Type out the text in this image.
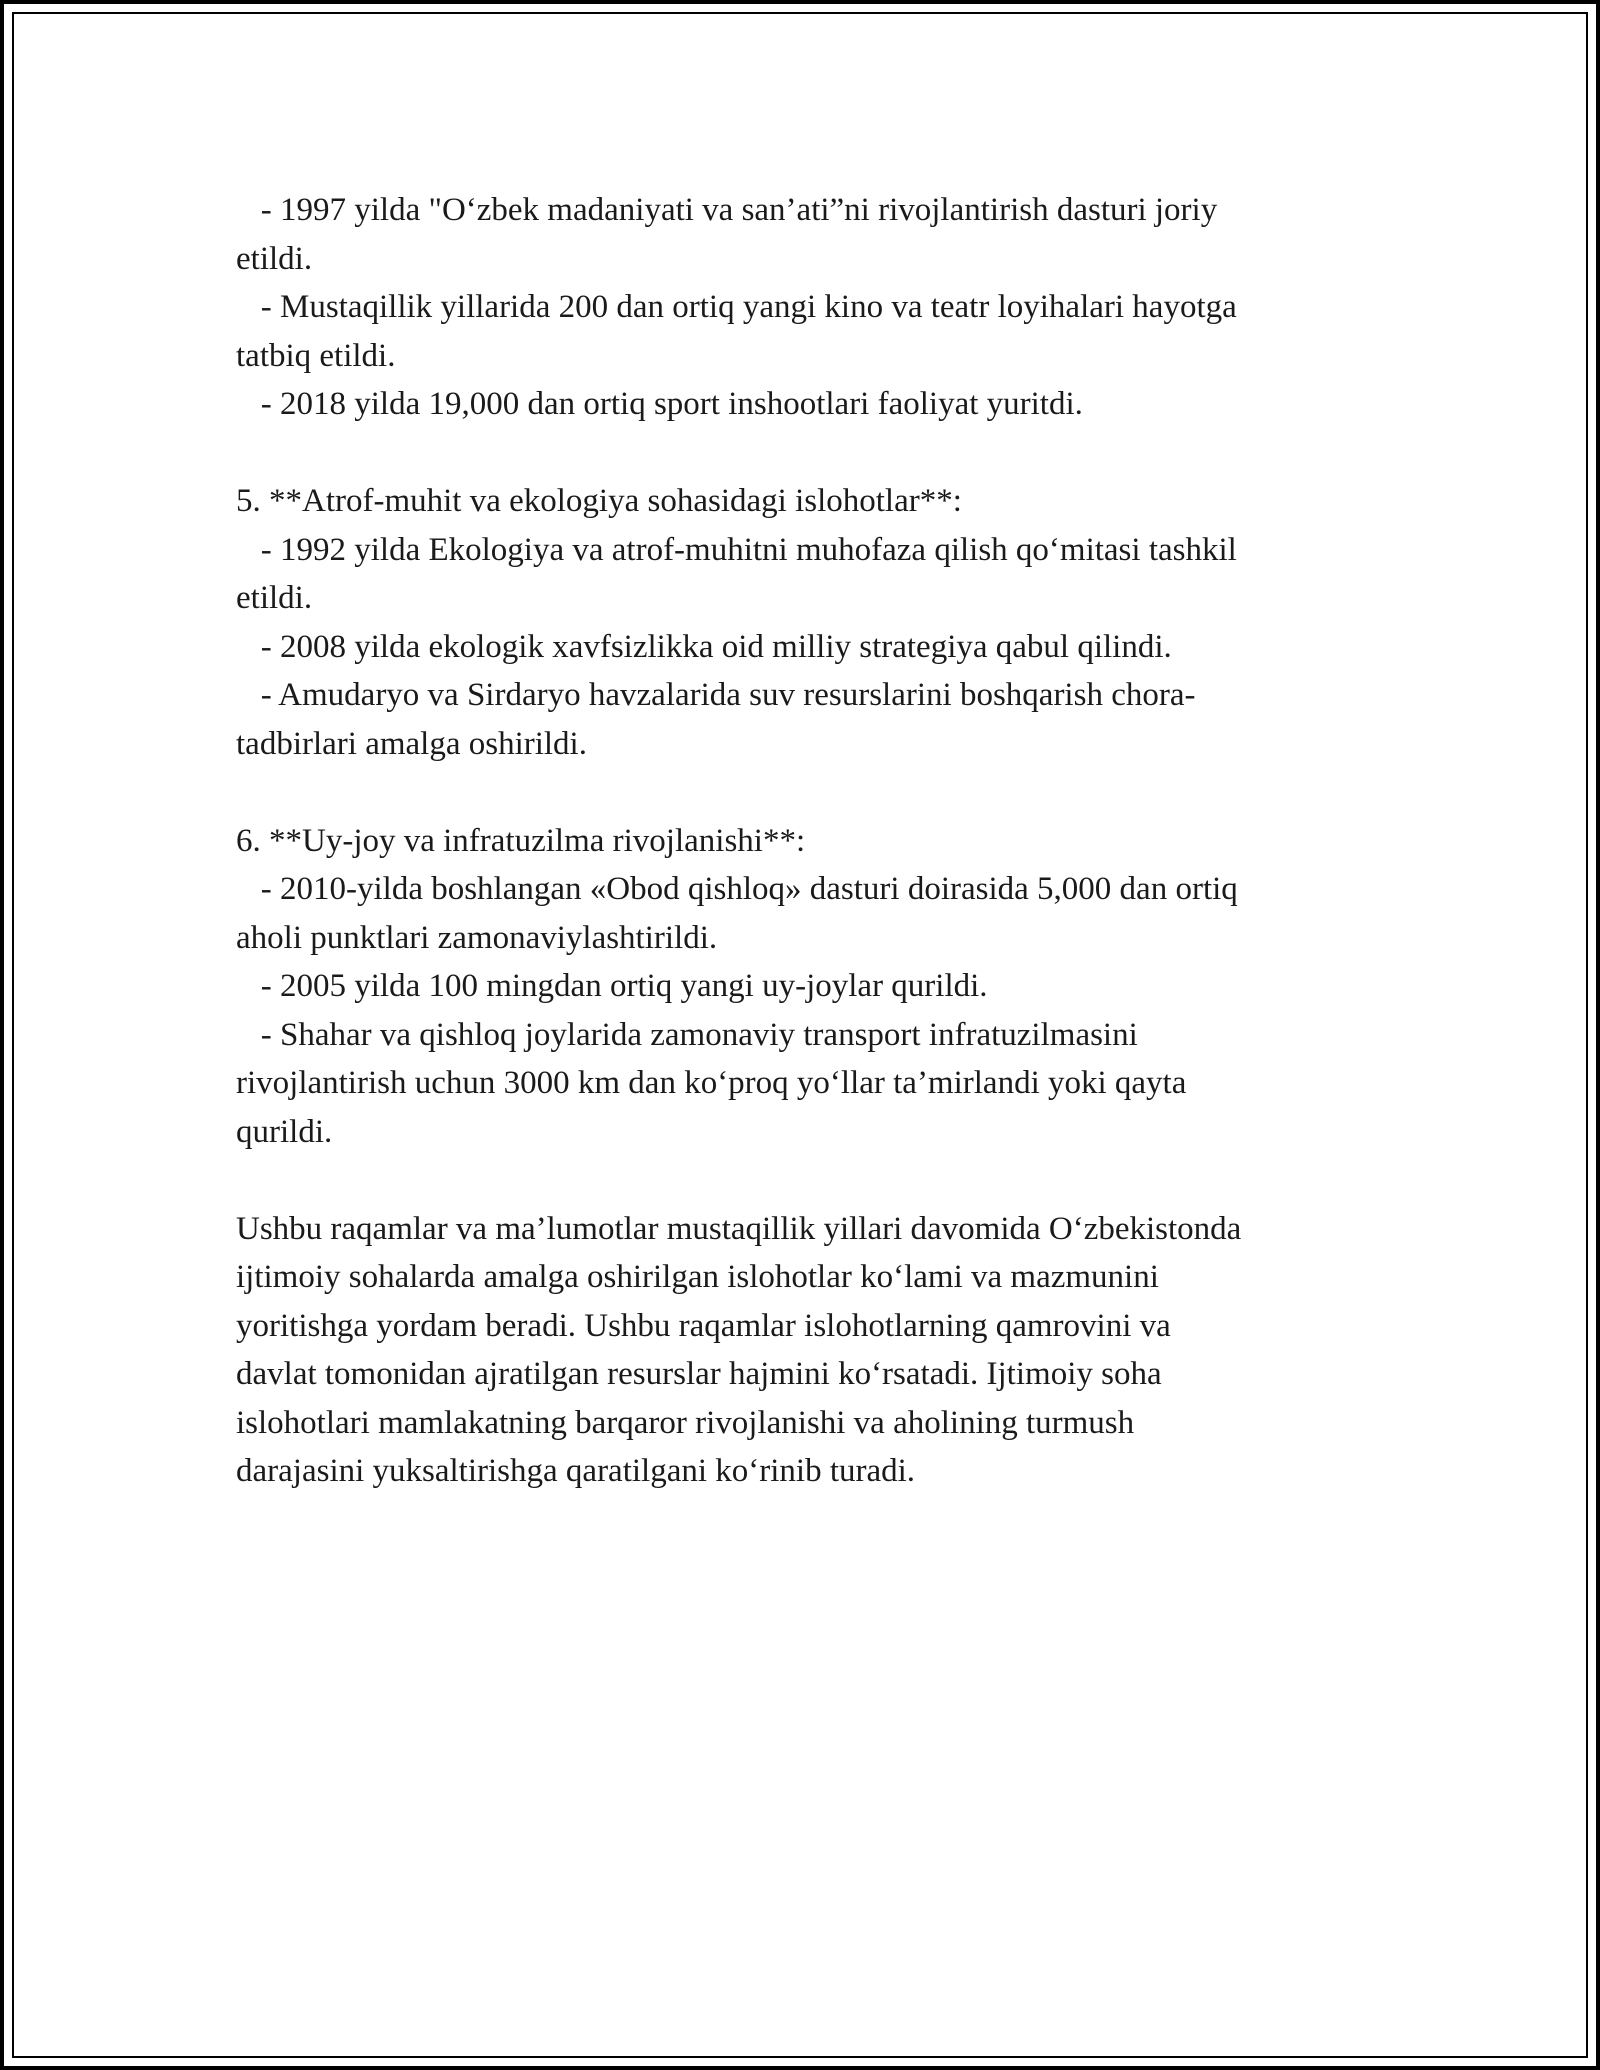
- 1997 yilda "O‘zbek madaniyati va san’ati”ni rivojlantirish dasturi joriy
etildi.
- Mustaqillik yillarida 200 dan ortiq yangi kino va teatr loyihalari hayotga
tatbiq etildi.
- 2018 yilda 19,000 dan ortiq sport inshootlari faoliyat yuritdi.
5. **Atrof-muhit va ekologiya sohasidagi islohotlar**:
- 1992 yilda Ekologiya va atrof-muhitni muhofaza qilish qo‘mitasi tashkil
etildi.
- 2008 yilda ekologik xavfsizlikka oid milliy strategiya qabul qilindi.
- Amudaryo va Sirdaryo havzalarida suv resurslarini boshqarish chora-
tadbirlari amalga oshirildi.
6. **Uy-joy va infratuzilma rivojlanishi**:
- 2010-yilda boshlangan «Obod qishloq» dasturi doirasida 5,000 dan ortiq
aholi punktlari zamonaviylashtirildi.
- 2005 yilda 100 mingdan ortiq yangi uy-joylar qurildi.
- Shahar va qishloq joylarida zamonaviy transport infratuzilmasini
rivojlantirish uchun 3000 km dan ko‘proq yo‘llar ta’mirlandi yoki qayta
qurildi.
Ushbu raqamlar va ma’lumotlar mustaqillik yillari davomida O‘zbekistonda
ijtimoiy sohalarda amalga oshirilgan islohotlar ko‘lami va mazmunini
yoritishga yordam beradi. Ushbu raqamlar islohotlarning qamrovini va
davlat tomonidan ajratilgan resurslar hajmini ko‘rsatadi. Ijtimoiy soha
islohotlari mamlakatning barqaror rivojlanishi va aholining turmush
darajasini yuksaltirishga qaratilgani ko‘rinib turadi.
